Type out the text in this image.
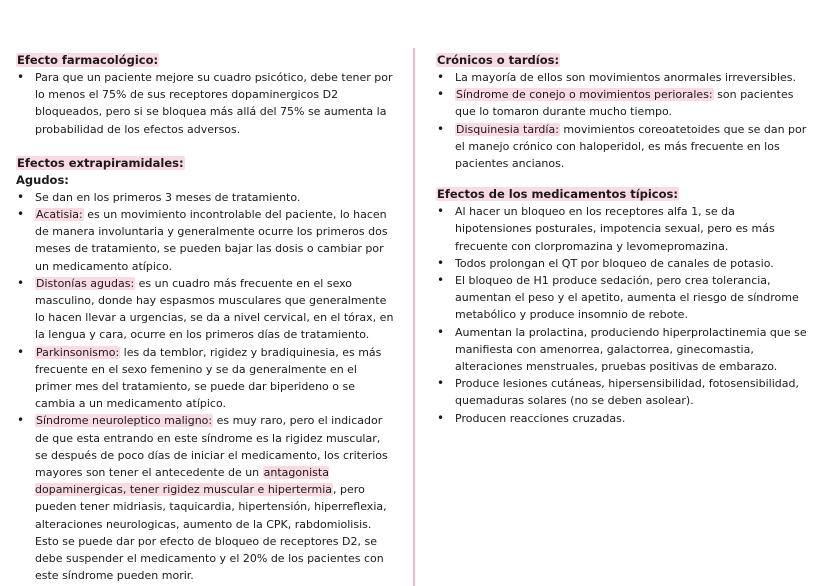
Efecto farmacológico:

• Para que un paciente mejore su cuadro psicótico, debe tener por lo menos el 75% de sus receptores dopaminergicos D2 bloqueados, pero si se bloquea más allá del 75% se aumenta la probabilidad de los efectos adversos.

Efectos extrapiramidales:

Agudos:

• Se dan en los primeros 3 meses de tratamiento.
• Acatisia: es un movimiento incontrolable del paciente, lo hacen de manera involuntaria y generalmente ocurre los primeros dos meses de tratamiento, se pueden bajar las dosis o cambiar por un medicamento atípico.
• Distonías agudas: es un cuadro más frecuente en el sexo masculino, donde hay espasmos musculares que generalmente lo hacen llevar a urgencias, se da a nivel cervical, en el tórax, en la lengua y cara, ocurre en los primeros días de tratamiento.
• Parkinsonismo: les da temblor, rigidez y bradiquinesia, es más frecuente en el sexo femenino y se da generalmente en el primer mes del tratamiento, se puede dar biperideno o se cambia a un medicamento atípico.
• Síndrome neuroleptico maligno: es muy raro, pero el indicador de que esta entrando en este síndrome es la rigidez muscular, se después de poco días de iniciar el medicamento, los criterios mayores son tener el antecedente de un antagonista dopaminergicas, tener rigidez muscular e hipertermia, pero pueden tener midriasis, taquicardia, hipertensión, hiperreflexia, alteraciones neurologicas, aumento de la CPK, rabdomiolisis. Esto se puede dar por efecto de bloqueo de receptores D2, se debe suspender el medicamento y el 20% de los pacientes con este síndrome pueden morir.

Crónicos o tardíos:

• La mayoría de ellos son movimientos anormales irreversibles.
• Síndrome de conejo o movimientos periorales: son pacientes que lo tomaron durante mucho tiempo.
• Disquinesia tardía: movimientos coreoatetoides que se dan por el manejo crónico con haloperidol, es más frecuente en los pacientes ancianos.

Efectos de los medicamentos típicos:

• Al hacer un bloqueo en los receptores alfa 1, se da hipotensiones posturales, impotencia sexual, pero es más frecuente con clorpromazina y levomepromazina.
• Todos prolongan el QT por bloqueo de canales de potasio.
• El bloqueo de H1 produce sedación, pero crea tolerancia, aumentan el peso y el apetito, aumenta el riesgo de síndrome metabólico y produce insomnio de rebote.
• Aumentan la prolactina, produciendo hiperprolactinemia que se manifiesta con amenorrea, galactorrea, ginecomastia, alteraciones menstruales, pruebas positivas de embarazo.
• Produce lesiones cutáneas, hipersensibilidad, fotosensibilidad, quemaduras solares (no se deben asolear).
• Producen reacciones cruzadas.
